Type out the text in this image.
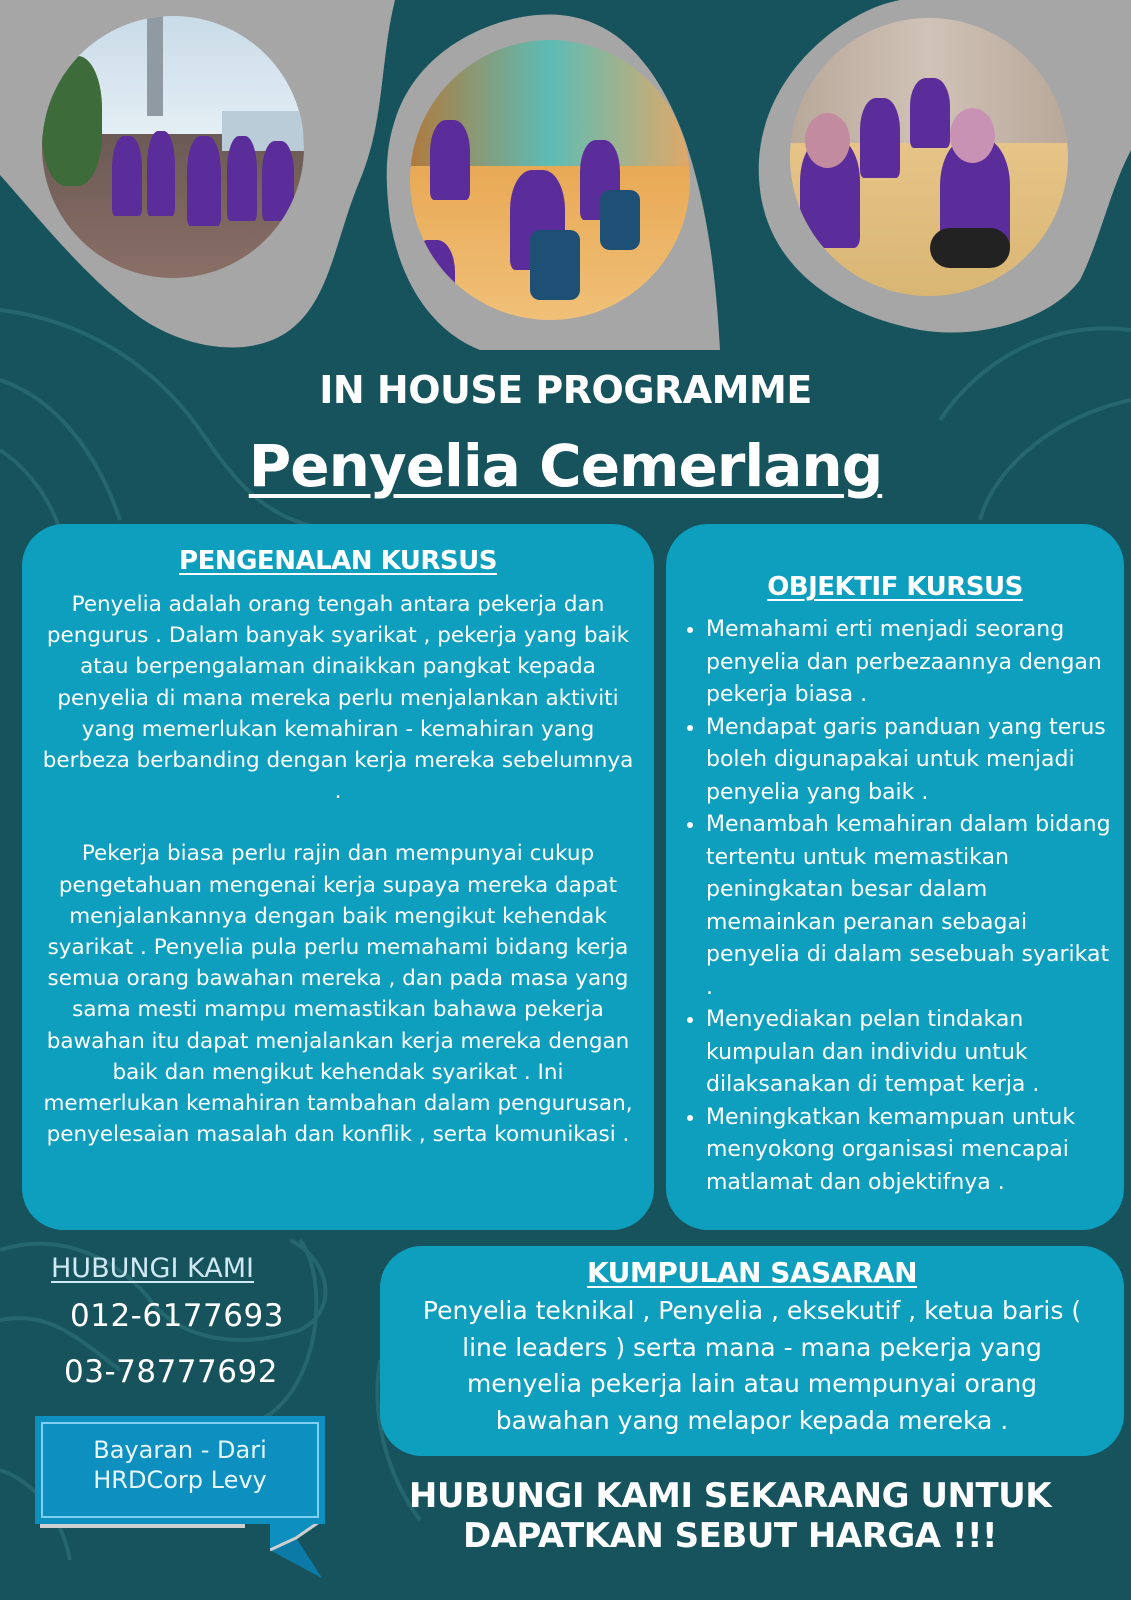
IN HOUSE PROGRAMME
Penyelia Cemerlang
PENGENALAN KURSUS

Penyelia adalah orang tengah antara pekerja dan pengurus . Dalam banyak syarikat , pekerja yang baik atau berpengalaman dinaikkan pangkat kepada penyelia di mana mereka perlu menjalankan aktiviti yang memerlukan kemahiran - kemahiran yang berbeza berbanding dengan kerja mereka sebelumnya .

Pekerja biasa perlu rajin dan mempunyai cukup pengetahuan mengenai kerja supaya mereka dapat menjalankannya dengan baik mengikut kehendak syarikat . Penyelia pula perlu memahami bidang kerja semua orang bawahan mereka , dan pada masa yang sama mesti mampu memastikan bahawa pekerja bawahan itu dapat menjalankan kerja mereka dengan baik dan mengikut kehendak syarikat . Ini memerlukan kemahiran tambahan dalam pengurusan, penyelesaian masalah dan konflik , serta komunikasi .

OBJEKTIF KURSUS
• Memahami erti menjadi seorang penyelia dan perbezaannya dengan pekerja biasa .
• Mendapat garis panduan yang terus boleh digunapakai untuk menjadi penyelia yang baik .
• Menambah kemahiran dalam bidang tertentu untuk memastikan peningkatan besar dalam memainkan peranan sebagai penyelia di dalam sesebuah syarikat .
• Menyediakan pelan tindakan kumpulan dan individu untuk dilaksanakan di tempat kerja .
• Meningkatkan kemampuan untuk menyokong organisasi mencapai matlamat dan objektifnya .
KUMPULAN SASARAN

Penyelia teknikal , Penyelia , eksekutif , ketua baris ( line leaders ) serta mana - mana pekerja yang menyelia pekerja lain atau mempunyai orang bawahan yang melapor kepada mereka .

HUBUNGI KAMI
012-6177693
03-78777692
Bayaran - Dari
HRDCorp Levy	HUBUNGI KAMI SEKARANG UNTUK
DAPATKAN SEBUT HARGA !!!
